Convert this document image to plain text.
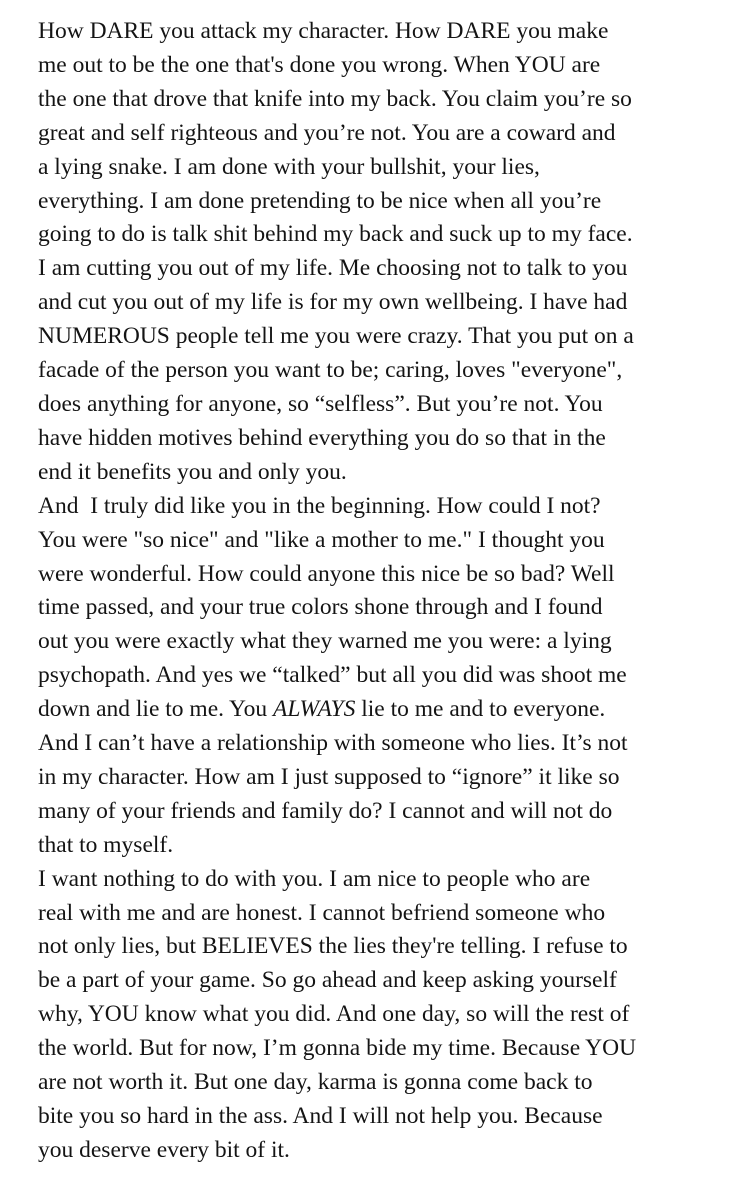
How DARE you attack my character. How DARE you make
me out to be the one that's done you wrong. When YOU are
the one that drove that knife into my back. You claim you’re so
great and self righteous and you’re not. You are a coward and
a lying snake. I am done with your bullshit, your lies,
everything. I am done pretending to be nice when all you’re
going to do is talk shit behind my back and suck up to my face.
I am cutting you out of my life. Me choosing not to talk to you
and cut you out of my life is for my own wellbeing. I have had
NUMEROUS people tell me you were crazy. That you put on a
facade of the person you want to be; caring, loves "everyone",
does anything for anyone, so “selfless”. But you’re not. You
have hidden motives behind everything you do so that in the
end it benefits you and only you.
And  I truly did like you in the beginning. How could I not?
You were "so nice" and "like a mother to me." I thought you
were wonderful. How could anyone this nice be so bad? Well
time passed, and your true colors shone through and I found
out you were exactly what they warned me you were: a lying
psychopath. And yes we “talked” but all you did was shoot me
down and lie to me. You ALWAYS lie to me and to everyone.
And I can’t have a relationship with someone who lies. It’s not
in my character. How am I just supposed to “ignore” it like so
many of your friends and family do? I cannot and will not do
that to myself.
I want nothing to do with you. I am nice to people who are
real with me and are honest. I cannot befriend someone who
not only lies, but BELIEVES the lies they're telling. I refuse to
be a part of your game. So go ahead and keep asking yourself
why, YOU know what you did. And one day, so will the rest of
the world. But for now, I’m gonna bide my time. Because YOU
are not worth it. But one day, karma is gonna come back to
bite you so hard in the ass. And I will not help you. Because
you deserve every bit of it.
